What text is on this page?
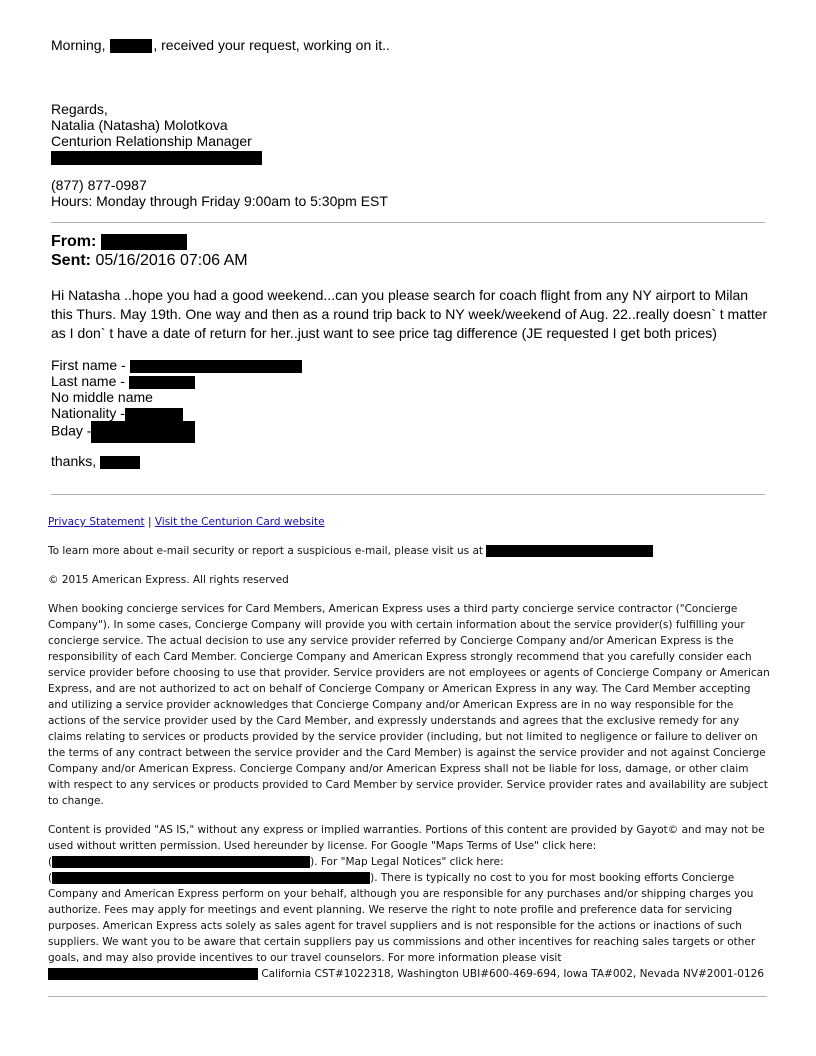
Morning,	, received your request, working on it..
Regards,
Natalia (Natasha) Molotkova
Centurion Relationship Manager
(877) 877-0987
Hours: Monday through Friday 9:00am to 5:30pm EST
From:
Sent: 05/16/2016 07:06 AM
Hi Natasha ..hope you had a good weekend...can you please search for coach flight from any NY airport to Milan
this Thurs. May 19th. One way and then as a round trip back to NY week/weekend of Aug. 22..really doesn` t matter
as I don` t have a date of return for her..just want to see price tag difference (JE requested I get both prices)
First name -
Last name -
No middle name
Nationality -
Bday -
thanks,

Privacy Statement | Visit the Centurion Card website

To learn more about e-mail security or report a suspicious e-mail, please visit us at

© 2015 American Express. All rights reserved

When booking concierge services for Card Members, American Express uses a third party concierge service contractor ("Concierge Company"). In some cases, Concierge Company will provide you with certain information about the service provider(s) fulfilling your concierge service. The actual decision to use any service provider referred by Concierge Company and/or American Express is the responsibility of each Card Member. Concierge Company and American Express strongly recommend that you carefully consider each service provider before choosing to use that provider. Service providers are not employees or agents of Concierge Company or American Express, and are not authorized to act on behalf of Concierge Company or American Express in any way. The Card Member accepting and utilizing a service provider acknowledges that Concierge Company and/or American Express are in no way responsible for the actions of the service provider used by the Card Member, and expressly understands and agrees that the exclusive remedy for any claims relating to services or products provided by the service provider (including, but not limited to negligence or failure to deliver on the terms of any contract between the service provider and the Card Member) is against the service provider and not against Concierge Company and/or American Express. Concierge Company and/or American Express shall not be liable for loss, damage, or other claim with respect to any services or products provided to Card Member by service provider. Service provider rates and availability are subject to change.

Content is provided "AS IS," without any express or implied warranties. Portions of this content are provided by Gayot© and may not be

used without written permission. Used hereunder by license. For Google "Maps Terms of Use" click here:

(	). For "Map Legal Notices" click here:

(	). There is typically no cost to you for most booking efforts Concierge

Company and American Express perform on your behalf, although you are responsible for any purchases and/or shipping charges you authorize. Fees may apply for meetings and event planning. We reserve the right to note profile and preference data for servicing purposes. American Express acts solely as sales agent for travel suppliers and is not responsible for the actions or inactions of such suppliers. We want you to be aware that certain suppliers pay us commissions and other incentives for reaching sales targets or other goals, and may also provide incentives to our travel counselors. For more information please visit

California CST#1022318, Washington UBI#600-469-694, Iowa TA#002, Nevada NV#2001-0126
